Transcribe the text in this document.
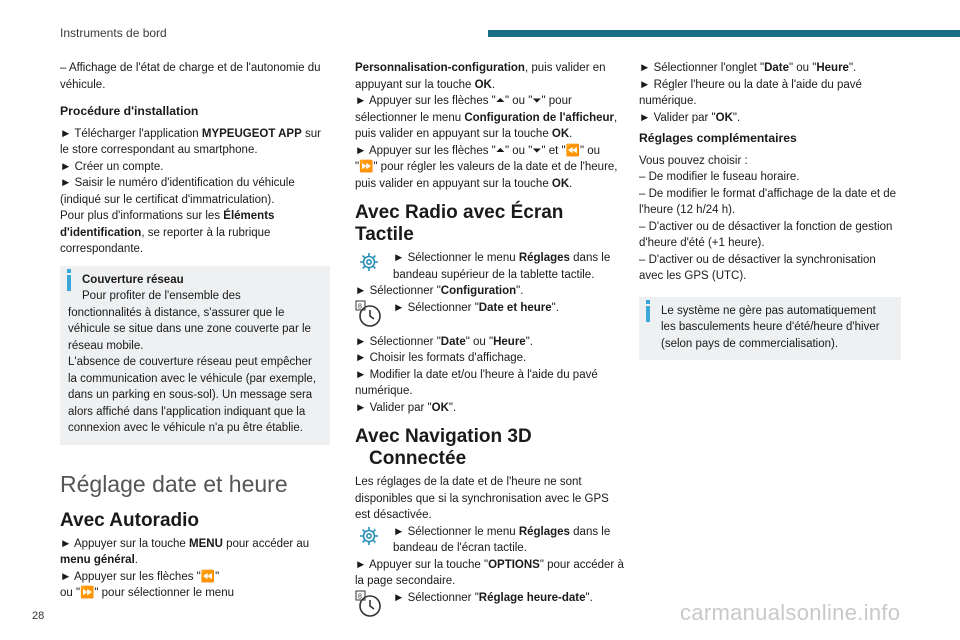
Instruments de bord
– Affichage de l'état de charge et de l'autonomie du véhicule.
Procédure d'installation
► Télécharger l'application MYPEUGEOT APP sur le store correspondant au smartphone.
► Créer un compte.
► Saisir le numéro d'identification du véhicule (indiqué sur le certificat d'immatriculation).
Pour plus d'informations sur les Éléments d'identification, se reporter à la rubrique correspondante.
Couverture réseau
Pour profiter de l'ensemble des
fonctionnalités à distance, s'assurer que le véhicule se situe dans une zone couverte par le réseau mobile.
L'absence de couverture réseau peut empêcher la communication avec le véhicule (par exemple, dans un parking en sous-sol). Un message sera alors affiché dans l'application indiquant que la connexion avec le véhicule n'a pu être établie.
Réglage date et heure
Avec Autoradio
► Appuyer sur la touche MENU pour accéder au menu général.
► Appuyer sur les flèches "⏪"
ou "⏩" pour sélectionner le menu
Personnalisation-configuration, puis valider en appuyant sur la touche OK.
► Appuyer sur les flèches "⏶" ou "⏷" pour sélectionner le menu Configuration de l'afficheur, puis valider en appuyant sur la touche OK.
► Appuyer sur les flèches "⏶" ou "⏷" et "⏪" ou "⏩" pour régler les valeurs de la date et de l'heure, puis valider en appuyant sur la touche OK.
Avec Radio avec Écran Tactile
► Sélectionner le menu Réglages dans le bandeau supérieur de la tablette tactile.
► Sélectionner "Configuration".
8	► Sélectionner "Date et heure".
► Sélectionner "Date" ou "Heure".
► Choisir les formats d'affichage.
► Modifier la date et/ou l'heure à l'aide du pavé numérique.
► Valider par "OK".
Avec Navigation 3D
Connectée
Les réglages de la date et de l'heure ne sont disponibles que si la synchronisation avec le GPS est désactivée.
► Sélectionner le menu Réglages dans le bandeau de l'écran tactile.
► Appuyer sur la touche "OPTIONS" pour accéder à la page secondaire.
8	► Sélectionner "Réglage heure-date".
► Sélectionner l'onglet "Date" ou "Heure".
► Régler l'heure ou la date à l'aide du pavé numérique.
► Valider par "OK".
Réglages complémentaires
Vous pouvez choisir :
– De modifier le fuseau horaire.
– De modifier le format d'affichage de la date et de l'heure (12 h/24 h).
– D'activer ou de désactiver la fonction de gestion d'heure d'été (+1 heure).
– D'activer ou de désactiver la synchronisation avec les GPS (UTC).
Le système ne gère pas automatiquement les basculements heure d'été/heure d'hiver (selon pays de commercialisation).
28	carmanualsonline.info
